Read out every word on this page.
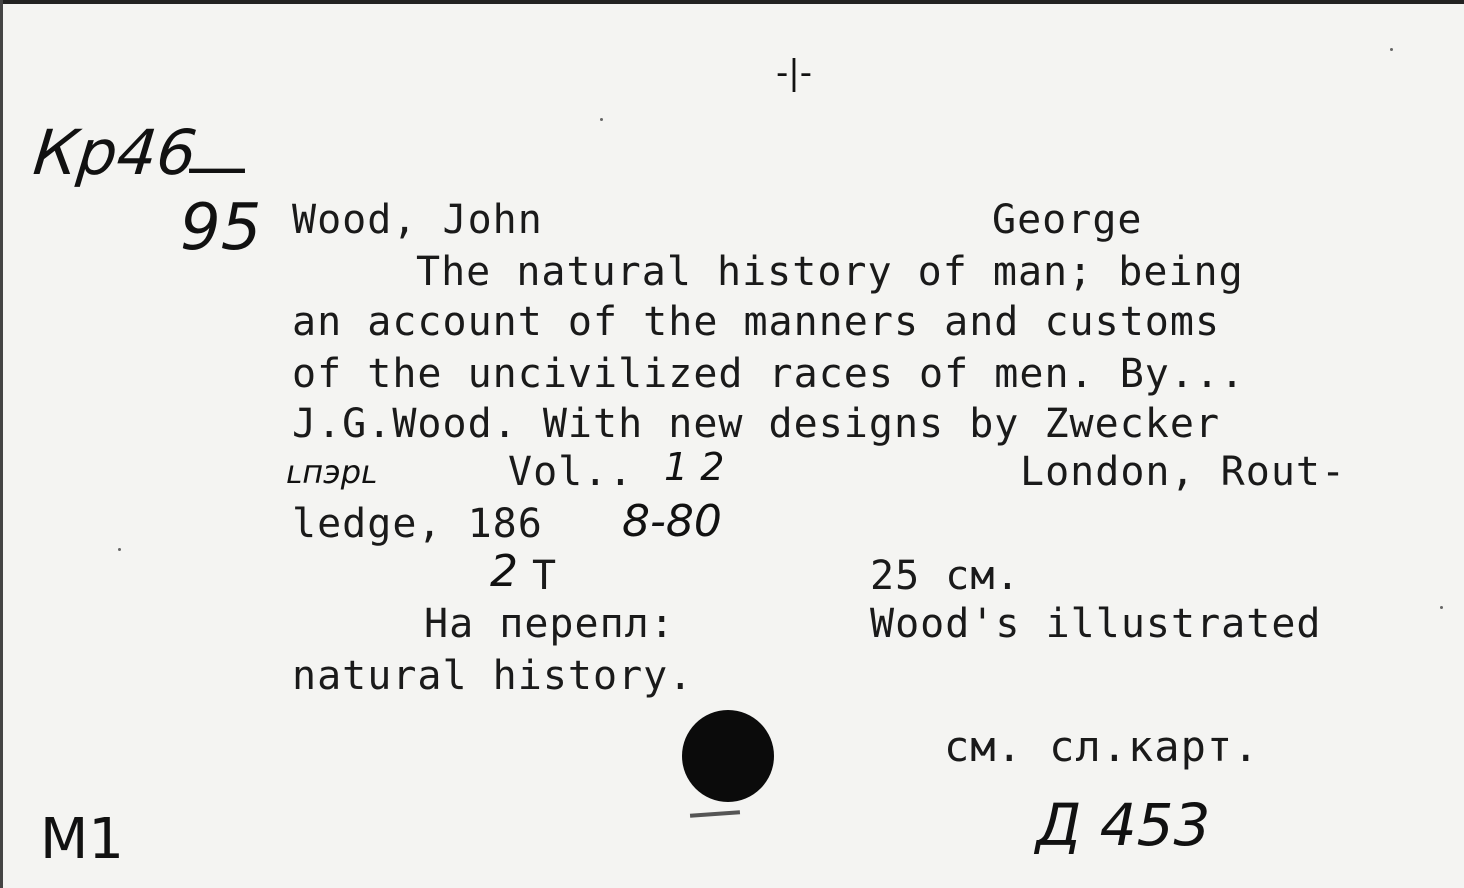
-|-
Кр46
—
95 Wood, John	George
The natural history of man; being
an account of the manners and customs
of the uncivilized races of men. By...
J.G.Wood. With new designs by Zwecker
ʟпэрʟ	Vol.. 1 2	London, Rout-
ledge, 186 8-80
2 T	25 см.
На перепл:	Wood's illustrated
natural history.
см. сл.карт.
Д 453
M1
